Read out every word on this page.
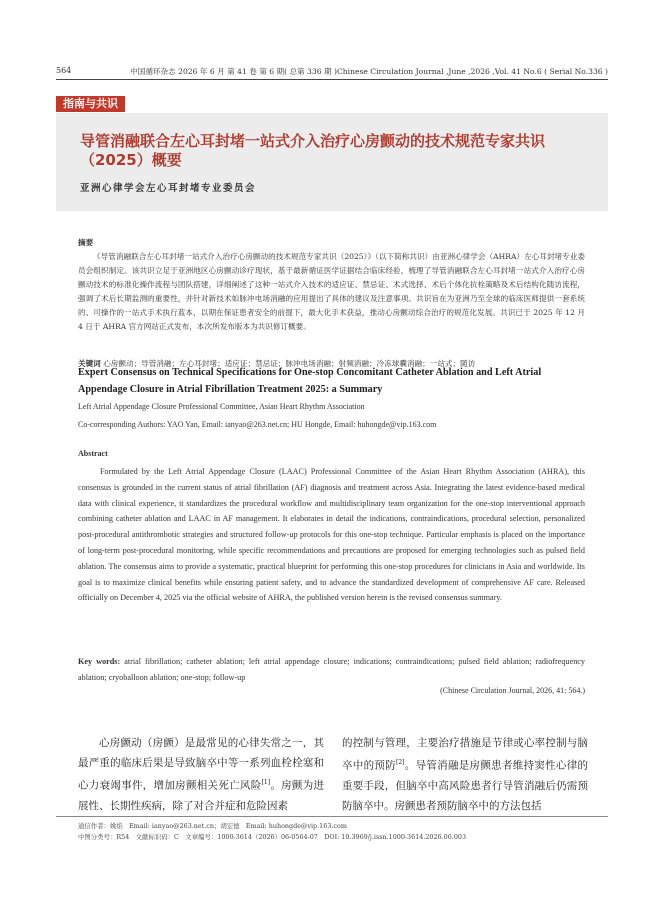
564	中国循环杂志 2026 年 6 月 第 41 卷 第 6 期( 总第 336 期 )Chinese Circulation Journal ,June ,2026 ,Vol. 41 No.6 ( Serial No.336 )
指南与共识
导管消融联合左心耳封堵一站式介入治疗心房颤动的技术规范专家共识（2025）概要
亚洲心律学会左心耳封堵专业委员会
摘要
《导管消融联合左心耳封堵一站式介入治疗心房颤动的技术规范专家共识（2025）》（以下简称共识）由亚洲心律学会（AHRA）左心耳封堵专业委员会组织制定。该共识立足于亚洲地区心房颤动诊疗现状，基于最新循证医学证据结合临床经验，梳理了导管消融联合左心耳封堵一站式介入治疗心房颤动技术的标准化操作流程与团队搭建，详细阐述了这种一站式介入技术的适应证、禁忌证、术式选择、术后个体化抗栓策略及术后结构化随访流程，强调了术后长期监测的重要性，并针对新技术如脉冲电场消融的应用提出了具体的建议及注意事项。共识旨在为亚洲乃至全球的临床医师提供一套系统的、可操作的一站式手术执行蓝本，以期在保证患者安全的前提下，最大化手术获益，推动心房颤动综合治疗的规范化发展。共识已于 2025 年 12 月 4 日于 AHRA 官方网站正式发布，本次所发布版本为共识修订概要。
关键词 心房颤动；导管消融；左心耳封堵；适应证；禁忌证；脉冲电场消融；射频消融；冷冻球囊消融；一站式；随访
Expert Consensus on Technical Specifications for One-stop Concomitant Catheter Ablation and Left Atrial Appendage Closure in Atrial Fibrillation Treatment 2025: a Summary
Left Atrial Appendage Closure Professional Committee, Asian Heart Rhythm Association
Co-corresponding Authors: YAO Yan, Email: ianyao@263.net.cn; HU Hongde, Email: huhongde@vip.163.com
Abstract
Formulated by the Left Atrial Appendage Closure (LAAC) Professional Committee of the Asian Heart Rhythm Association (AHRA), this consensus is grounded in the current status of atrial fibrillation (AF) diagnosis and treatment across Asia. Integrating the latest evidence-based medical data with clinical experience, it standardizes the procedural workflow and multidisciplinary team organization for the one-stop interventional approach combining catheter ablation and LAAC in AF management. It elaborates in detail the indications, contraindications, procedural selection, personalized post-procedural antithrombotic strategies and structured follow-up protocols for this one-stop technique. Particular emphasis is placed on the importance of long-term post-procedural monitoring, while specific recommendations and precautions are proposed for emerging technologies such as pulsed field ablation. The consensus aims to provide a systematic, practical blueprint for performing this one-stop procedures for clinicians in Asia and worldwide. Its goal is to maximize clinical benefits while ensuring patient safety, and to advance the standardized development of comprehensive AF care. Released officially on December 4, 2025 via the official website of AHRA, the published version herein is the revised consensus summary.
Key words: atrial fibrillation; catheter ablation; left atrial appendage closure; indications; contraindications; pulsed field ablation; radiofrequency ablation; cryoballoon ablation; one-stop; follow-up
(Chinese Circulation Journal, 2026, 41: 564.)
心房颤动（房颤）是最常见的心律失常之一，其最严重的临床后果是导致脑卒中等一系列血栓栓塞和心力衰竭事件，增加房颤相关死亡风险[1]。房颤为进展性、长期性疾病，除了对合并症和危险因素
的控制与管理，主要治疗措施是节律或心率控制与脑卒中的预防[2]。导管消融是房颤患者维持窦性心律的重要手段，但脑卒中高风险患者行导管消融后仍需预防脑卒中。房颤患者预防脑卒中的方法包括
通信作者：姚焰　Email: ianyao@263.net.cn；胡宏德　Email: huhongde@vip.163.com
中图分类号：R54　文献标识码：C　文章编号：1000-3614（2026）06-0564-07　DOI: 10.3969/j.issn.1000-3614.2026.06.003
